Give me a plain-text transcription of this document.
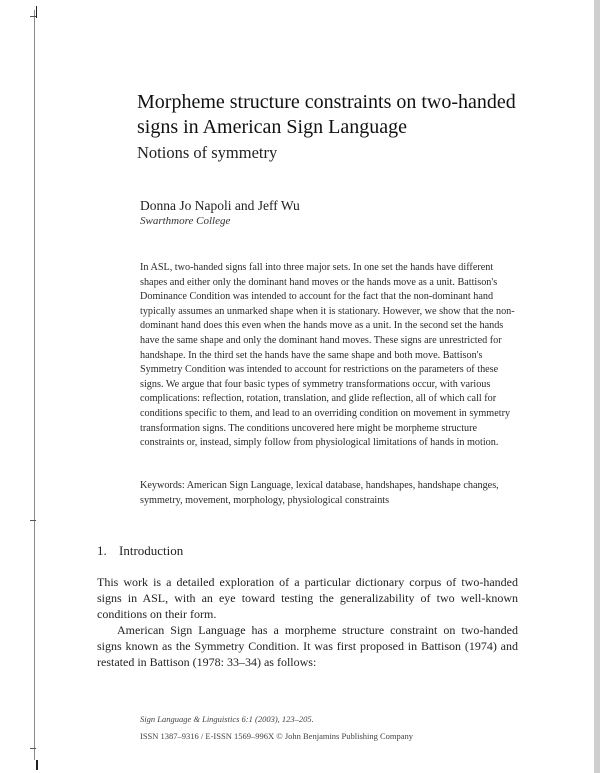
Morpheme structure constraints on two-handed signs in American Sign Language
Notions of symmetry
Donna Jo Napoli and Jeff Wu
Swarthmore College

In ASL, two-handed signs fall into three major sets. In one set the hands have different shapes and either only the dominant hand moves or the hands move as a unit. Battison's Dominance Condition was intended to account for the fact that the non-dominant hand typically assumes an unmarked shape when it is stationary. However, we show that the non-dominant hand does this even when the hands move as a unit. In the second set the hands have the same shape and only the dominant hand moves. These signs are unrestricted for handshape. In the third set the hands have the same shape and both move. Battison's Symmetry Condition was intended to account for restrictions on the parameters of these signs. We argue that four basic types of symmetry transformations occur, with various complications: reflection, rotation, translation, and glide reflection, all of which call for conditions specific to them, and lead to an overriding condition on movement in symmetry transformation signs. The conditions uncovered here might be morpheme structure constraints or, instead, simply follow from physiological limitations of hands in motion.

Keywords: American Sign Language, lexical database, handshapes, handshape changes, symmetry, movement, morphology, physiological constraints

1. Introduction

This work is a detailed exploration of a particular dictionary corpus of two-handed signs in ASL, with an eye toward testing the generalizability of two well-known conditions on their form.

American Sign Language has a morpheme structure constraint on two-handed signs known as the Symmetry Condition. It was first proposed in Battison (1974) and restated in Battison (1978: 33–34) as follows:

Sign Language & Linguistics 6:1 (2003), 123–205.
ISSN 1387–9316 / E-ISSN 1569–996X © John Benjamins Publishing Company
